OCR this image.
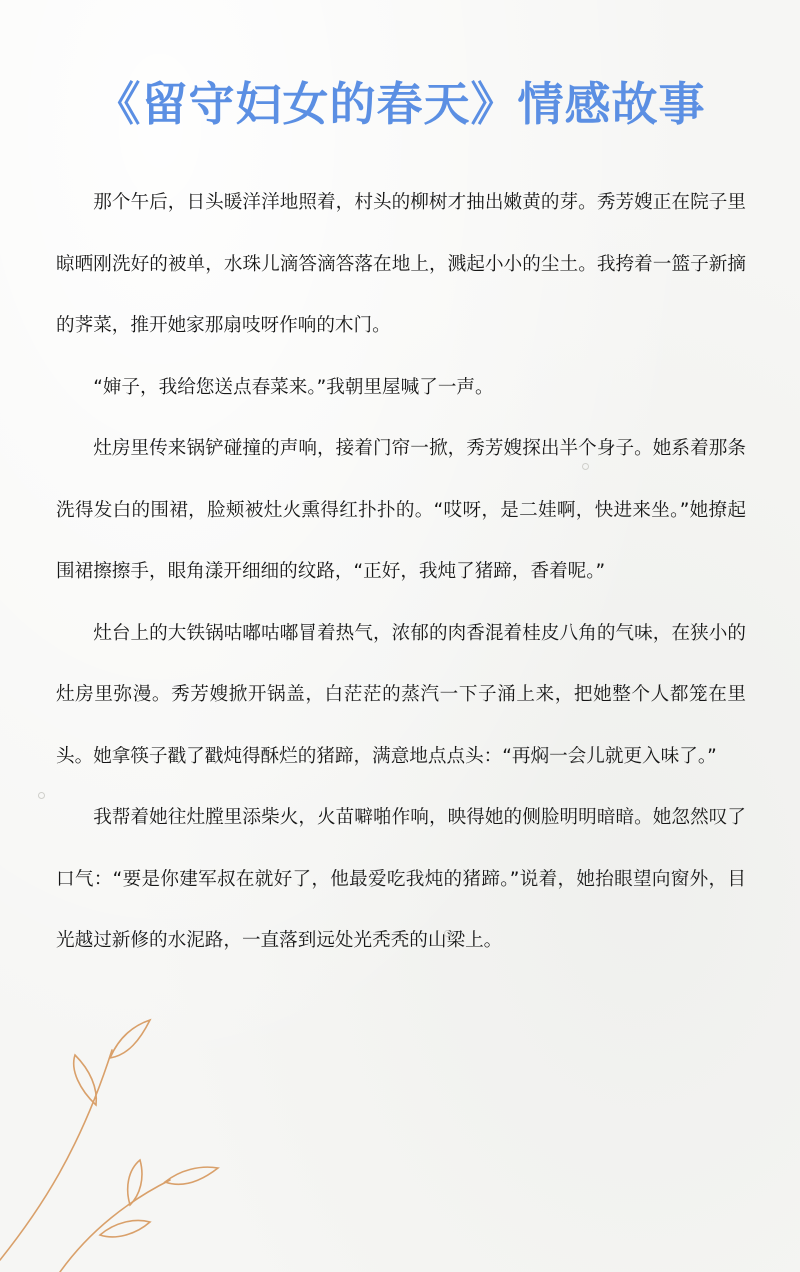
《留守妇女的春天》情感故事

那个午后，日头暖洋洋地照着，村头的柳树才抽出嫩黄的芽。秀芳嫂正在院子里晾晒刚洗好的被单，水珠儿滴答滴答落在地上，溅起小小的尘土。我挎着一篮子新摘的荠菜，推开她家那扇吱呀作响的木门。

“婶子，我给您送点春菜来。”我朝里屋喊了一声。

灶房里传来锅铲碰撞的声响，接着门帘一掀，秀芳嫂探出半个身子。她系着那条洗得发白的围裙，脸颊被灶火熏得红扑扑的。“哎呀，是二娃啊，快进来坐。”她撩起围裙擦擦手，眼角漾开细细的纹路，“正好，我炖了猪蹄，香着呢。”

灶台上的大铁锅咕嘟咕嘟冒着热气，浓郁的肉香混着桂皮八角的气味，在狭小的灶房里弥漫。秀芳嫂掀开锅盖，白茫茫的蒸汽一下子涌上来，把她整个人都笼在里头。她拿筷子戳了戳炖得酥烂的猪蹄，满意地点点头：“再焖一会儿就更入味了。”

我帮着她往灶膛里添柴火，火苗噼啪作响，映得她的侧脸明明暗暗。她忽然叹了口气：“要是你建军叔在就好了，他最爱吃我炖的猪蹄。”说着，她抬眼望向窗外，目光越过新修的水泥路，一直落到远处光秃秃的山梁上。
